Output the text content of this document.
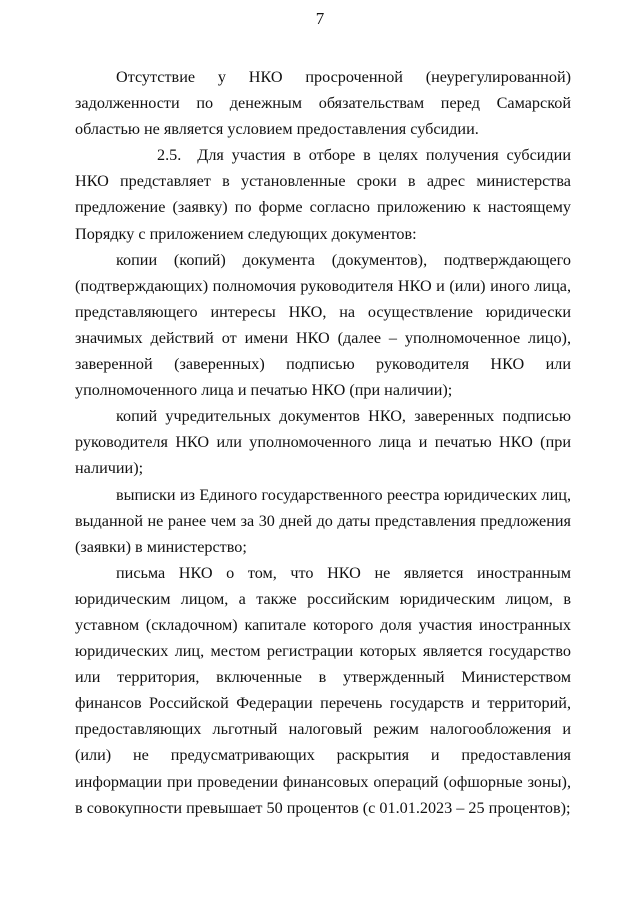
7

Отсутствие у НКО просроченной (неурегулированной) задолженности по денежным обязательствам перед Самарской областью не является условием предоставления субсидии.

2.5. Для участия в отборе в целях получения субсидии НКО представляет в установленные сроки в адрес министерства предложение (заявку) по форме согласно приложению к настоящему Порядку с приложением следующих документов:

копии (копий) документа (документов), подтверждающего (подтверждающих) полномочия руководителя НКО и (или) иного лица, представляющего интересы НКО, на осуществление юридически значимых действий от имени НКО (далее – уполномоченное лицо), заверенной (заверенных) подписью руководителя НКО или уполномоченного лица и печатью НКО (при наличии);

копий учредительных документов НКО, заверенных подписью руководителя НКО или уполномоченного лица и печатью НКО (при наличии);

выписки из Единого государственного реестра юридических лиц, выданной не ранее чем за 30 дней до даты представления предложения (заявки) в министерство;

письма НКО о том, что НКО не является иностранным юридическим лицом, а также российским юридическим лицом, в уставном (складочном) капитале которого доля участия иностранных юридических лиц, местом регистрации которых является государство или территория, включенные в утвержденный Министерством финансов Российской Федерации перечень государств и территорий, предоставляющих льготный налоговый режим налогообложения и (или) не предусматривающих раскрытия и предоставления информации при проведении финансовых операций (офшорные зоны), в совокупности превышает 50 процентов (с 01.01.2023 – 25 процентов);
